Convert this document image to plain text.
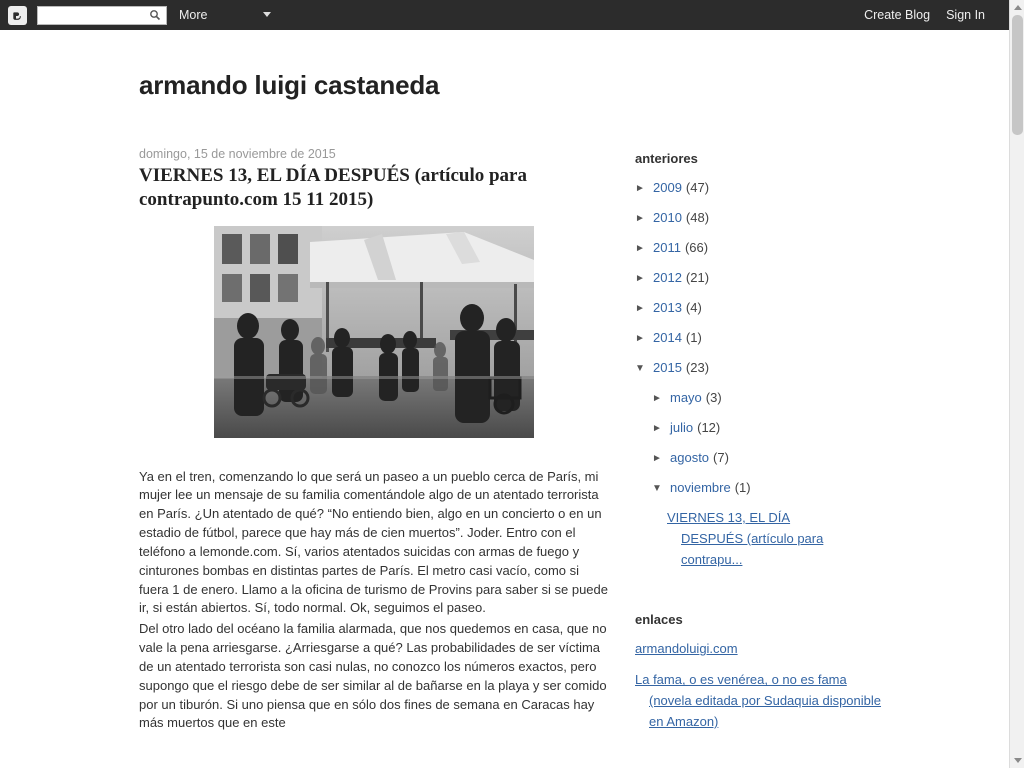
More	Create Blog Sign In
armando luigi castaneda
domingo, 15 de noviembre de 2015
VIERNES 13, EL DÍA DESPUÉS (artículo para contrapunto.com 15 11 2015)

Ya en el tren, comenzando lo que será un paseo a un pueblo cerca de París, mi mujer lee un mensaje de su familia comentándole algo de un atentado terrorista en París. ¿Un atentado de qué? “No entiendo bien, algo en un concierto o en un estadio de fútbol, parece que hay más de cien muertos”. Joder. Entro con el teléfono a lemonde.com. Sí, varios atentados suicidas con armas de fuego y cinturones bombas en distintas partes de París. El metro casi vacío, como si fuera 1 de enero. Llamo a la oficina de turismo de Provins para saber si se puede ir, si están abiertos. Sí, todo normal. Ok, seguimos el paseo.

Del otro lado del océano la familia alarmada, que nos quedemos en casa, que no vale la pena arriesgarse. ¿Arriesgarse a qué? Las probabilidades de ser víctima de un atentado terrorista son casi nulas, no conozco los números exactos, pero supongo que el riesgo debe de ser similar al de bañarse en la playa y ser comido por un tiburón. Si uno piensa que en sólo dos fines de semana en Caracas hay más muertos que en este

anteriores
► 2009 (47)
► 2010 (48)
► 2011 (66)
► 2012 (21)
► 2013 (4)
► 2014 (1)
▼ 2015 (23)
► mayo (3)
► julio (12)
► agosto (7)
▼ noviembre (1)
VIERNES 13, EL DÍA
DESPUÉS (artículo para
contrapu...
enlaces
armandoluigi.com
La fama, o es venérea, o no es fama
(novela editada por Sudaquia disponible en Amazon)
